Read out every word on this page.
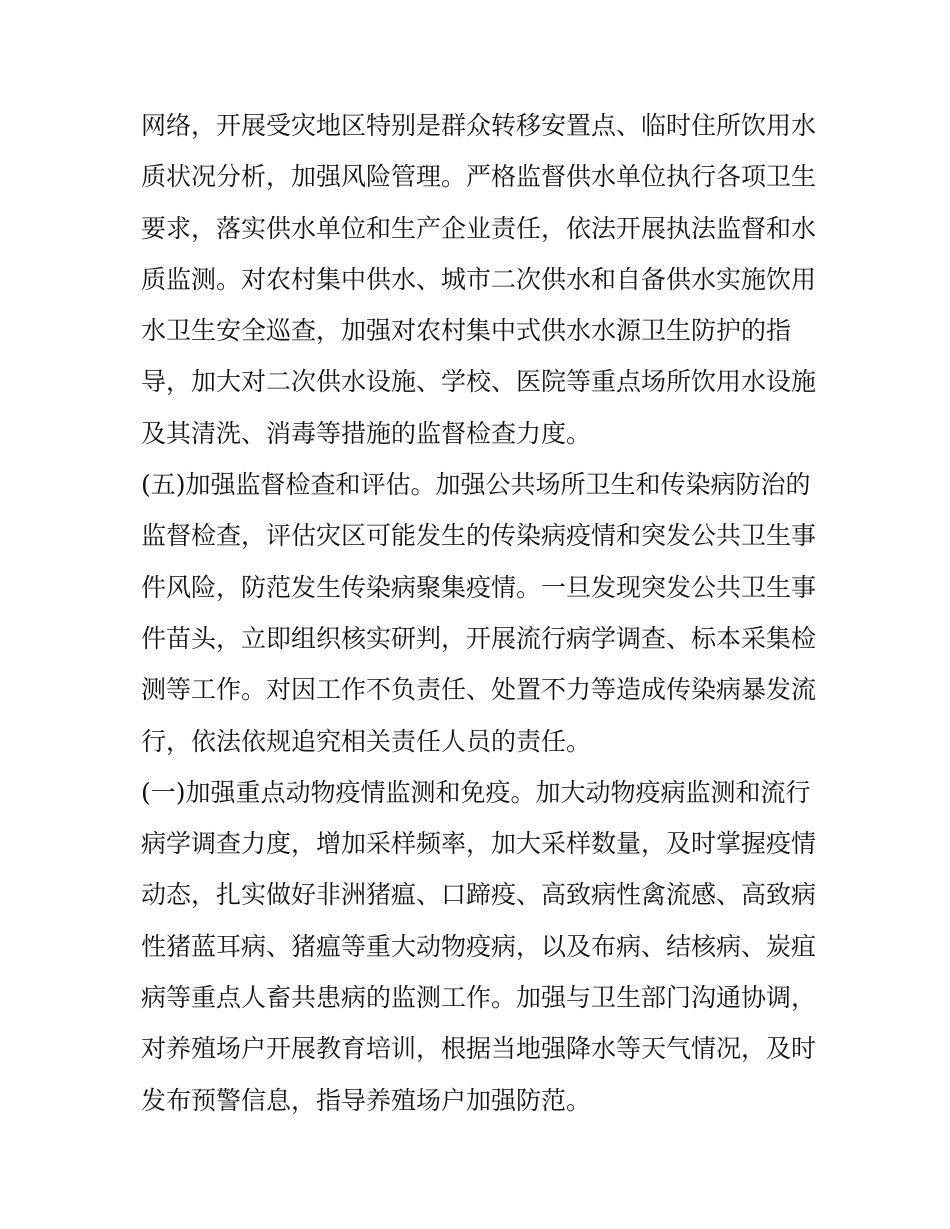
网络，开展受灾地区特别是群众转移安置点、临时住所饮用水
质状况分析，加强风险管理。严格监督供水单位执行各项卫生
要求，落实供水单位和生产企业责任，依法开展执法监督和水
质监测。对农村集中供水、城市二次供水和自备供水实施饮用
水卫生安全巡查，加强对农村集中式供水水源卫生防护的指
导，加大对二次供水设施、学校、医院等重点场所饮用水设施
及其清洗、消毒等措施的监督检查力度。
(五)加强监督检查和评估。加强公共场所卫生和传染病防治的
监督检查，评估灾区可能发生的传染病疫情和突发公共卫生事
件风险，防范发生传染病聚集疫情。一旦发现突发公共卫生事
件苗头，立即组织核实研判，开展流行病学调查、标本采集检
测等工作。对因工作不负责任、处置不力等造成传染病暴发流
行，依法依规追究相关责任人员的责任。
(一)加强重点动物疫情监测和免疫。加大动物疫病监测和流行
病学调查力度，增加采样频率，加大采样数量，及时掌握疫情
动态，扎实做好非洲猪瘟、口蹄疫、高致病性禽流感、高致病
性猪蓝耳病、猪瘟等重大动物疫病，以及布病、结核病、炭疽
病等重点人畜共患病的监测工作。加强与卫生部门沟通协调，
对养殖场户开展教育培训，根据当地强降水等天气情况，及时
发布预警信息，指导养殖场户加强防范。
